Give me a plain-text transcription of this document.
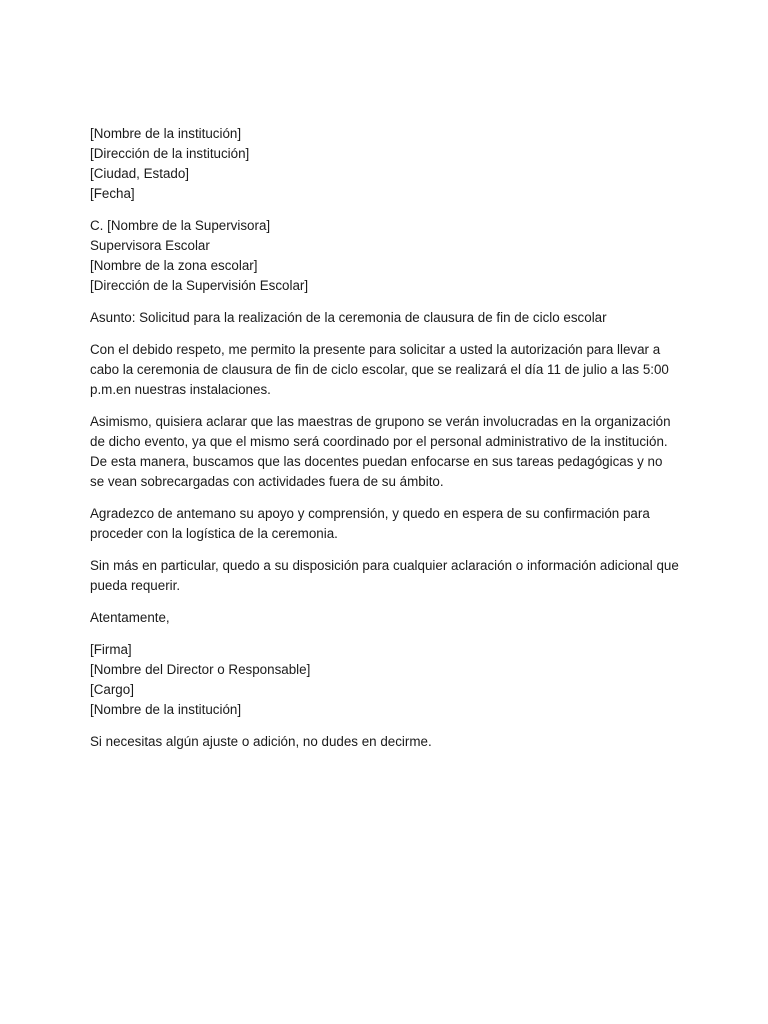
[Nombre de la institución]
[Dirección de la institución]
[Ciudad, Estado]
[Fecha]
C. [Nombre de la Supervisora]
Supervisora Escolar
[Nombre de la zona escolar]
[Dirección de la Supervisión Escolar]

Asunto: Solicitud para la realización de la ceremonia de clausura de fin de ciclo escolar

Con el debido respeto, me permito la presente para solicitar a usted la autorización para llevar a cabo la ceremonia de clausura de fin de ciclo escolar, que se realizará el día 11 de julio a las 5:00 p.m.en nuestras instalaciones.

Asimismo, quisiera aclarar que las maestras de grupono se verán involucradas en la organización de dicho evento, ya que el mismo será coordinado por el personal administrativo de la institución. De esta manera, buscamos que las docentes puedan enfocarse en sus tareas pedagógicas y no se vean sobrecargadas con actividades fuera de su ámbito.

Agradezco de antemano su apoyo y comprensión, y quedo en espera de su confirmación para proceder con la logística de la ceremonia.

Sin más en particular, quedo a su disposición para cualquier aclaración o información adicional que pueda requerir.

Atentamente,

[Firma]
[Nombre del Director o Responsable]
[Cargo]
[Nombre de la institución]

Si necesitas algún ajuste o adición, no dudes en decirme.
